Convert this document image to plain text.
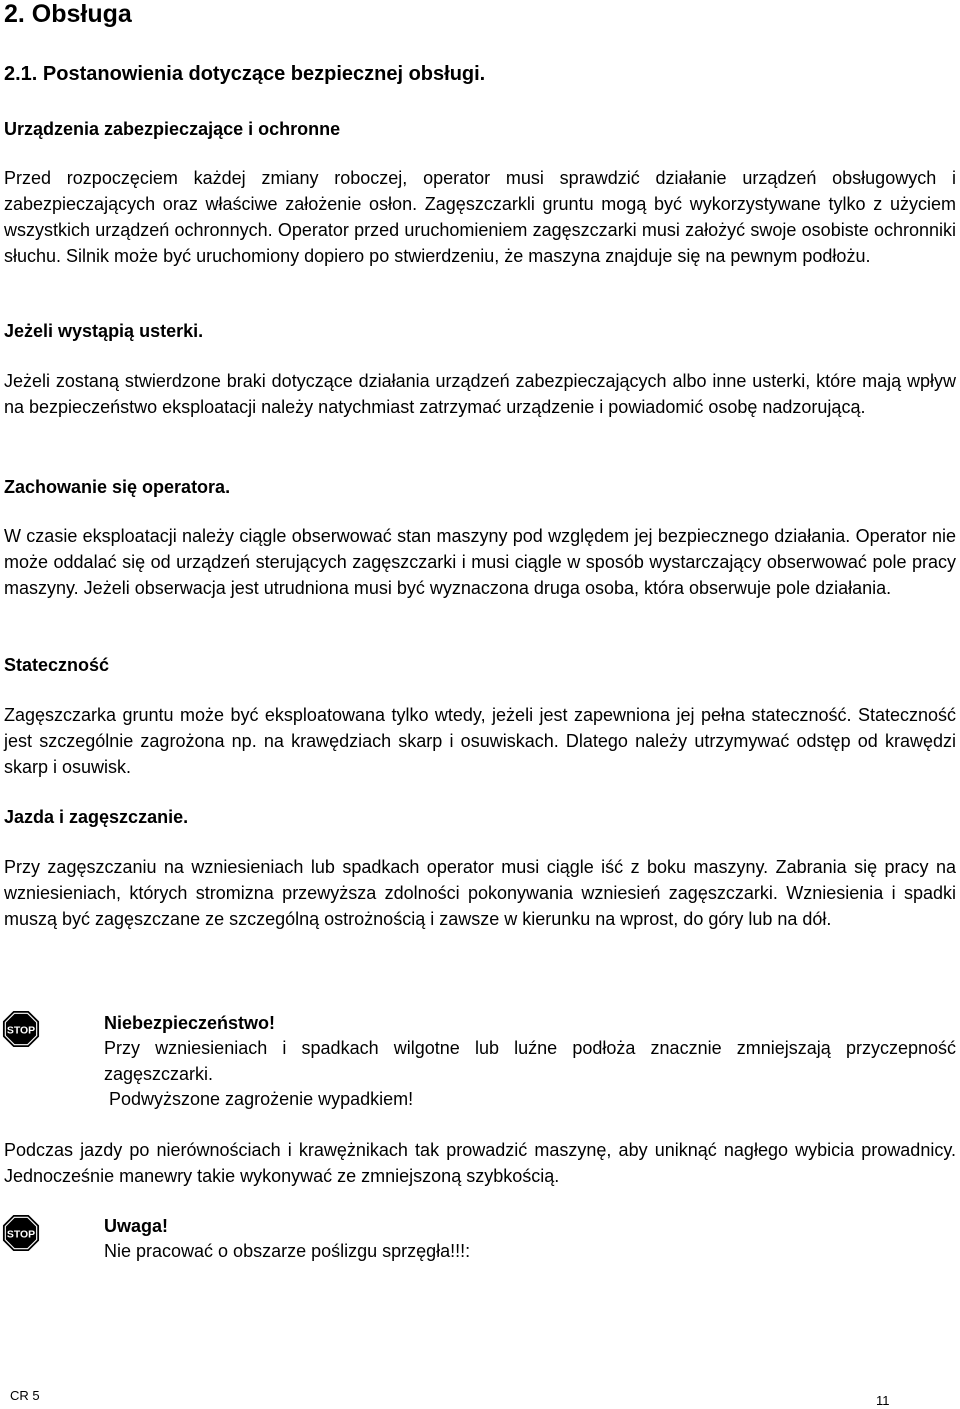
2. Obsługa
2.1. Postanowienia dotyczące bezpiecznej obsługi.
Urządzenia zabezpieczające i ochronne

Przed rozpoczęciem każdej zmiany roboczej, operator musi sprawdzić działanie urządzeń obsługowych i zabezpieczających oraz właściwe założenie osłon. Zagęszczarkli gruntu mogą być wykorzystywane tylko z użyciem wszystkich urządzeń ochronnych. Operator przed uruchomieniem zagęszczarki musi założyć swoje osobiste ochronniki słuchu. Silnik może być uruchomiony dopiero po stwierdzeniu, że maszyna znajduje się na pewnym podłożu.

Jeżeli wystąpią usterki.

Jeżeli zostaną stwierdzone braki dotyczące działania urządzeń zabezpieczających albo inne usterki, które mają wpływ na bezpieczeństwo eksploatacji należy natychmiast zatrzymać urządzenie i powiadomić osobę nadzorującą.

Zachowanie się operatora.

W czasie eksploatacji należy ciągle obserwować stan maszyny pod względem jej bezpiecznego działania. Operator nie może oddalać się od urządzeń sterujących zagęszczarki i musi ciągle w sposób wystarczający obserwować pole pracy maszyny. Jeżeli obserwacja jest utrudniona musi być wyznaczona druga osoba, która obserwuje pole działania.

Stateczność

Zagęszczarka gruntu może być eksploatowana tylko wtedy, jeżeli jest zapewniona jej pełna stateczność. Stateczność jest szczególnie zagrożona np. na krawędziach skarp i osuwiskach. Dlatego należy utrzymywać odstęp od krawędzi skarp i osuwisk.

Jazda i zagęszczanie.

Przy zagęszczaniu na wzniesieniach lub spadkach operator musi ciągle iść z boku maszyny. Zabrania się pracy na wzniesieniach, których stromizna przewyższa zdolności pokonywania wzniesień zagęszczarki. Wzniesienia i spadki muszą być zagęszczane ze szczególną ostrożnością i zawsze w kierunku na wprost, do góry lub na dół.

STOP	Niebezpieczeństwo!

Przy wzniesieniach i spadkach wilgotne lub luźne podłoża znacznie zmniejszają przyczepność zagęszczarki.

Podwyższone zagrożenie wypadkiem!

Podczas jazdy po nierównościach i krawężnikach tak prowadzić maszynę, aby uniknąć nagłego wybicia prowadnicy. Jednocześnie manewry takie wykonywać ze zmniejszoną szybkością.

STOP	Uwaga!

Nie pracować o obszarze poślizgu sprzęgła!!!:

CR 5	11
